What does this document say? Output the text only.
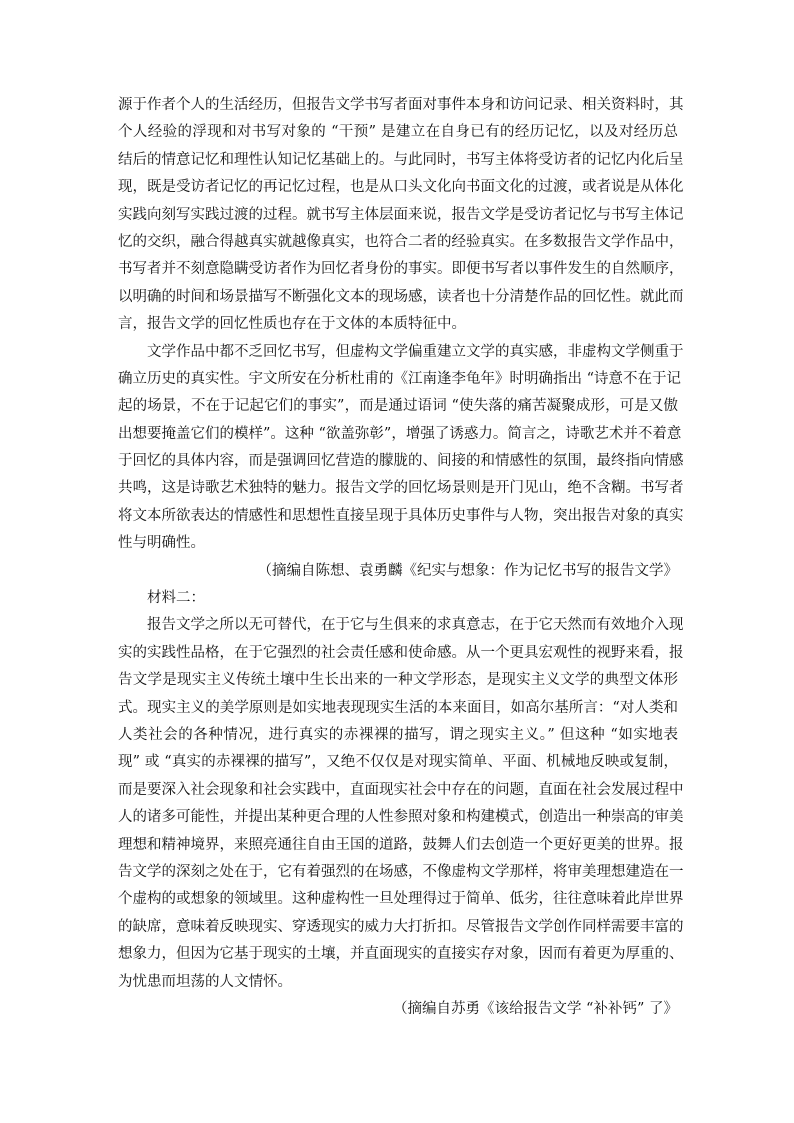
源于作者个人的生活经历，但报告文学书写者面对事件本身和访问记录、相关资料时，其
个人经验的浮现和对书写对象的 “干预” 是建立在自身已有的经历记忆，以及对经历总
结后的情意记忆和理性认知记忆基础上的。与此同时，书写主体将受访者的记忆内化后呈
现，既是受访者记忆的再记忆过程，也是从口头文化向书面文化的过渡，或者说是从体化
实践向刻写实践过渡的过程。就书写主体层面来说，报告文学是受访者记忆与书写主体记
忆的交织，融合得越真实就越像真实，也符合二者的经验真实。在多数报告文学作品中，
书写者并不刻意隐瞒受访者作为回忆者身份的事实。即便书写者以事件发生的自然顺序，
以明确的时间和场景描写不断强化文本的现场感，读者也十分清楚作品的回忆性。就此而
言，报告文学的回忆性质也存在于文体的本质特征中。
文学作品中都不乏回忆书写，但虚构文学偏重建立文学的真实感，非虚构文学侧重于
确立历史的真实性。宇文所安在分析杜甫的《江南逢李龟年》时明确指出 “诗意不在于记
起的场景，不在于记起它们的事实”，而是通过语词 “使失落的痛苦凝聚成形，可是又傲
出想要掩盖它们的模样”。这种 “欲盖弥彰”，增强了诱惑力。简言之，诗歌艺术并不着意
于回忆的具体内容，而是强调回忆营造的朦胧的、间接的和情感性的氛围，最终指向情感
共鸣，这是诗歌艺术独特的魅力。报告文学的回忆场景则是开门见山，绝不含糊。书写者
将文本所欲表达的情感性和思想性直接呈现于具体历史事件与人物，突出报告对象的真实
性与明确性。
（摘编自陈想、袁勇麟《纪实与想象：作为记忆书写的报告文学》
材料二：
报告文学之所以无可替代，在于它与生俱来的求真意志，在于它天然而有效地介入现
实的实践性品格，在于它强烈的社会责任感和使命感。从一个更具宏观性的视野来看，报
告文学是现实主义传统土壤中生长出来的一种文学形态，是现实主义文学的典型文体形
式。现实主义的美学原则是如实地表现现实生活的本来面目，如高尔基所言：“对人类和
人类社会的各种情况，进行真实的赤裸裸的描写，谓之现实主义。” 但这种 “如实地表
现” 或 “真实的赤裸裸的描写”，又绝不仅仅是对现实简单、平面、机械地反映或复制，
而是要深入社会现象和社会实践中，直面现实社会中存在的问题，直面在社会发展过程中
人的诸多可能性，并提出某种更合理的人性参照对象和构建模式，创造出一种崇高的审美
理想和精神境界，来照亮通往自由王国的道路，鼓舞人们去创造一个更好更美的世界。报
告文学的深刻之处在于，它有着强烈的在场感，不像虚构文学那样，将审美理想建造在一
个虚构的或想象的领域里。这种虚构性一旦处理得过于简单、低劣，往往意味着此岸世界
的缺席，意味着反映现实、穿透现实的威力大打折扣。尽管报告文学创作同样需要丰富的
想象力，但因为它基于现实的土壤，并直面现实的直接实存对象，因而有着更为厚重的、
为忧患而坦荡的人文情怀。
（摘编自苏勇《该给报告文学 “补补钙” 了》
